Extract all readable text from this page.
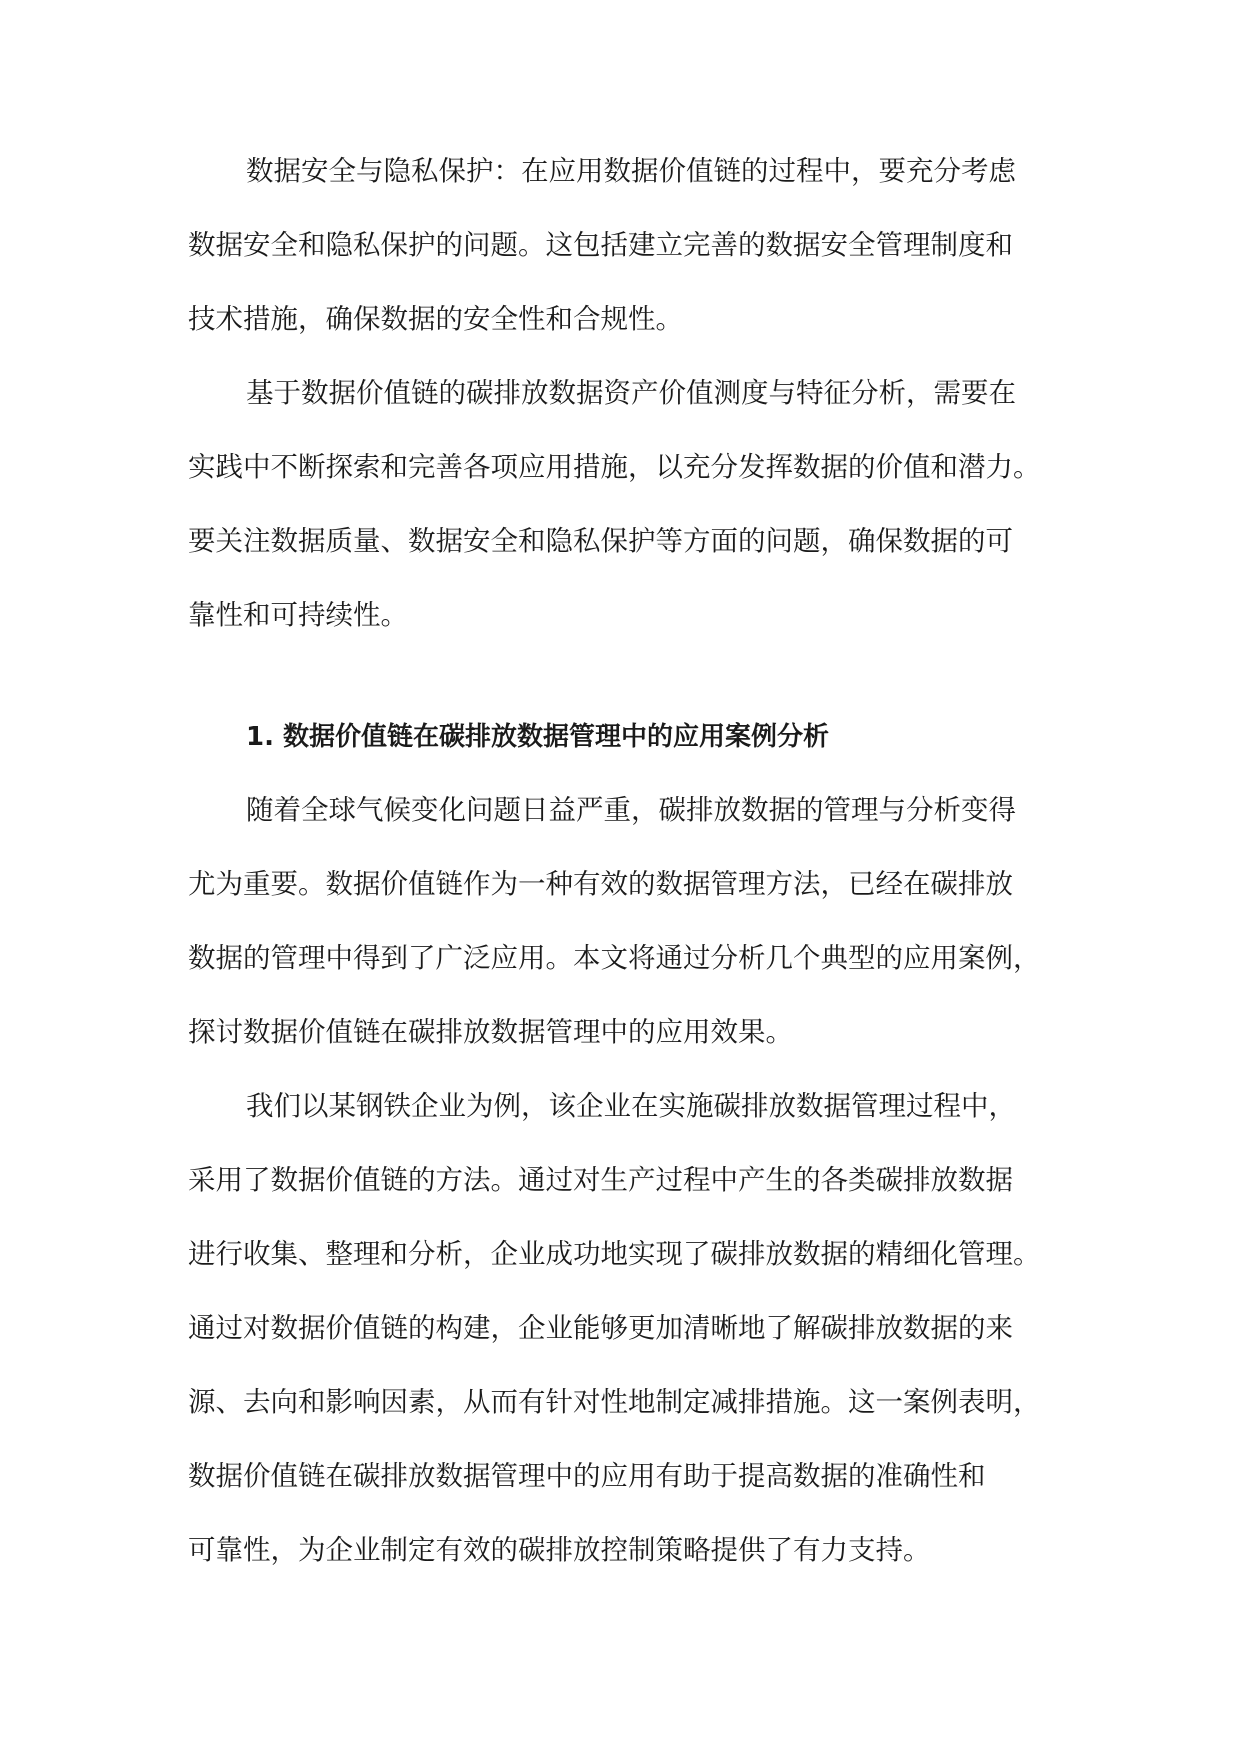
数据安全与隐私保护：在应用数据价值链的过程中，要充分考虑
数据安全和隐私保护的问题。这包括建立完善的数据安全管理制度和
技术措施，确保数据的安全性和合规性。
基于数据价值链的碳排放数据资产价值测度与特征分析，需要在
实践中不断探索和完善各项应用措施，以充分发挥数据的价值和潜力。
要关注数据质量、数据安全和隐私保护等方面的问题，确保数据的可
靠性和可持续性。
1. 数据价值链在碳排放数据管理中的应用案例分析
随着全球气候变化问题日益严重，碳排放数据的管理与分析变得
尤为重要。数据价值链作为一种有效的数据管理方法，已经在碳排放
数据的管理中得到了广泛应用。本文将通过分析几个典型的应用案例，
探讨数据价值链在碳排放数据管理中的应用效果。
我们以某钢铁企业为例，该企业在实施碳排放数据管理过程中，
采用了数据价值链的方法。通过对生产过程中产生的各类碳排放数据
进行收集、整理和分析，企业成功地实现了碳排放数据的精细化管理。
通过对数据价值链的构建，企业能够更加清晰地了解碳排放数据的来
源、去向和影响因素，从而有针对性地制定减排措施。这一案例表明，
数据价值链在碳排放数据管理中的应用有助于提高数据的准确性和
可靠性，为企业制定有效的碳排放控制策略提供了有力支持。
